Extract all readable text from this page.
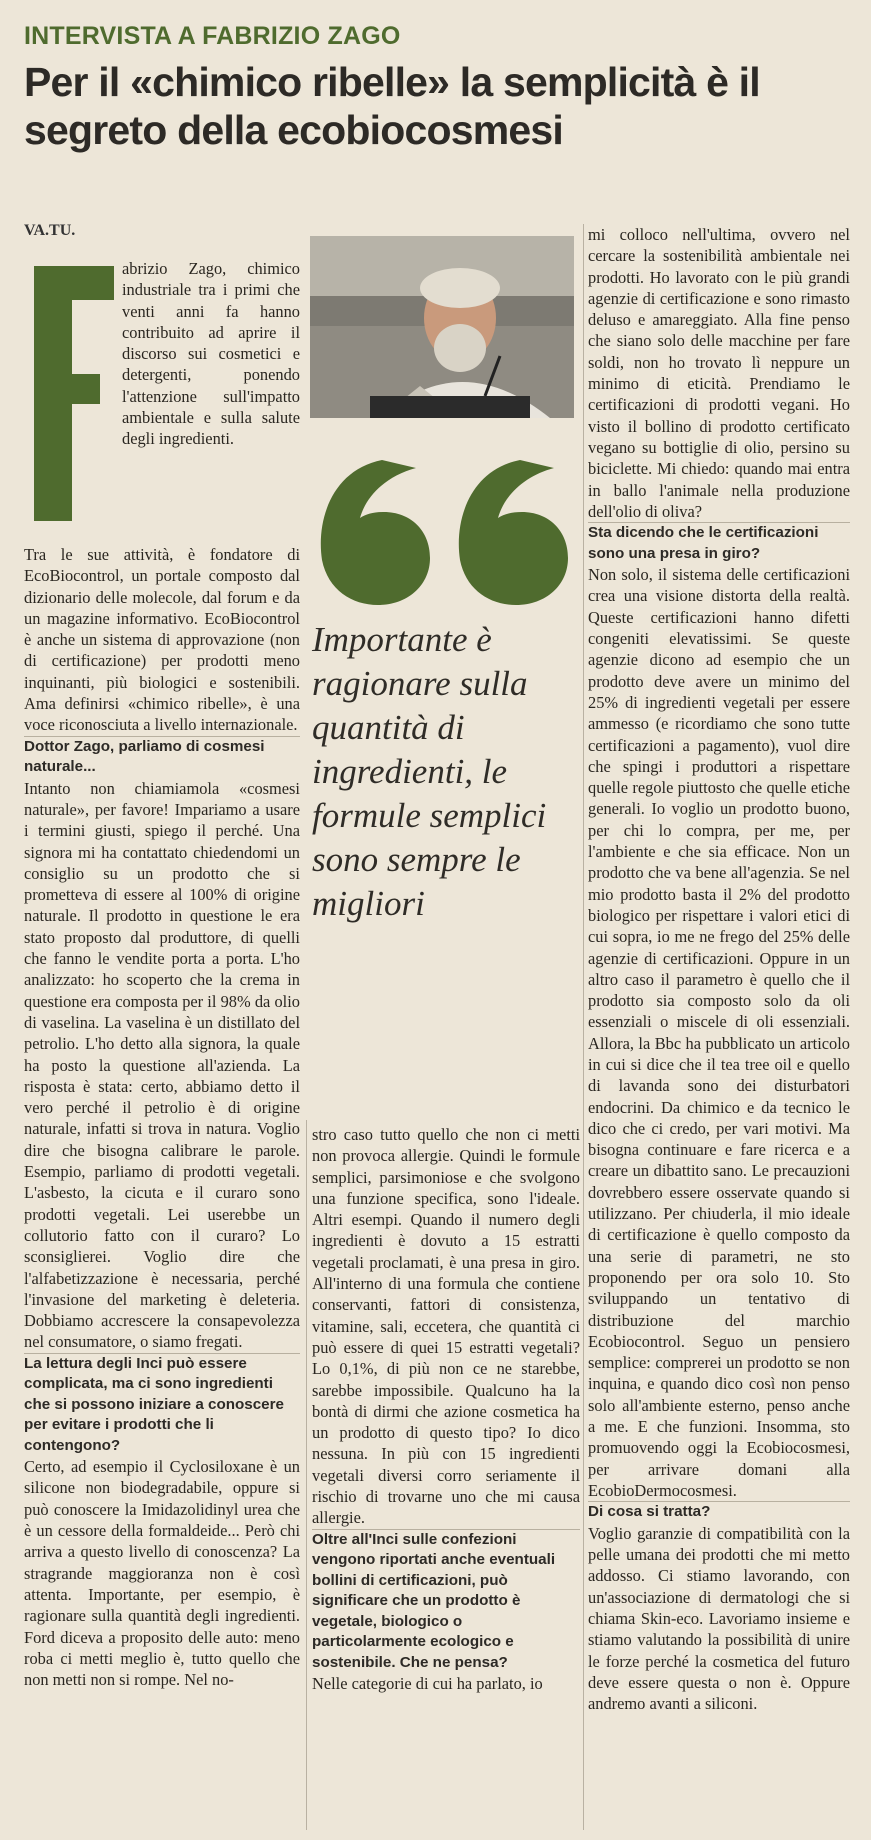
INTERVISTA A FABRIZIO ZAGO
Per il «chimico ribelle» la semplicità è il segreto della ecobiocosmesi
VA.TU.
abrizio Zago, chimico industriale tra i primi che venti anni fa hanno contribuito ad aprire il discorso sui cosmetici e detergenti, ponendo l'attenzione sull'impatto ambientale e sulla salute degli ingredienti.

Tra le sue attività, è fondatore di EcoBiocontrol, un portale composto dal dizionario delle molecole, dal forum e da un magazine informativo. EcoBiocontrol è anche un sistema di approvazione (non di certificazione) per prodotti meno inquinanti, più biologici e sostenibili. Ama definirsi «chimico ribelle», è una voce riconosciuta a livello internazionale.

Dottor Zago, parliamo di cosmesi naturale...

Intanto non chiamiamola «cosmesi naturale», per favore! Impariamo a usare i termini giusti, spiego il perché. Una signora mi ha contattato chiedendomi un consiglio su un prodotto che si prometteva di essere al 100% di origine naturale. Il prodotto in questione le era stato proposto dal produttore, di quelli che fanno le vendite porta a porta. L'ho analizzato: ho scoperto che la crema in questione era composta per il 98% da olio di vaselina. La vaselina è un distillato del petrolio. L'ho detto alla signora, la quale ha posto la questione all'azienda. La risposta è stata: certo, abbiamo detto il vero perché il petrolio è di origine naturale, infatti si trova in natura. Voglio dire che bisogna calibrare le parole. Esempio, parliamo di prodotti vegetali. L'asbesto, la cicuta e il curaro sono prodotti vegetali. Lei userebbe un collutorio fatto con il curaro? Lo sconsiglierei. Voglio dire che l'alfabetizzazione è necessaria, perché l'invasione del marketing è deleteria. Dobbiamo accrescere la consapevolezza nel consumatore, o siamo fregati.

La lettura degli Inci può essere complicata, ma ci sono ingredienti che si possono iniziare a conoscere per evitare i prodotti che li contengono?

Certo, ad esempio il Cyclosiloxane è un silicone non biodegradabile, oppure si può conoscere la Imidazolidinyl urea che è un cessore della formaldeide... Però chi arriva a questo livello di conoscenza? La stragrande maggioranza non è così attenta. Importante, per esempio, è ragionare sulla quantità degli ingredienti. Ford diceva a proposito delle auto: meno roba ci metti meglio è, tutto quello che non metti non si rompe. Nel no-

Importante è ragionare sulla quantità di ingredienti, le formule semplici sono sempre le migliori

stro caso tutto quello che non ci metti non provoca allergie. Quindi le formule semplici, parsimoniose e che svolgono una funzione specifica, sono l'ideale. Altri esempi. Quando il numero degli ingredienti è dovuto a 15 estratti vegetali proclamati, è una presa in giro. All'interno di una formula che contiene conservanti, fattori di consistenza, vitamine, sali, eccetera, che quantità ci può essere di quei 15 estratti vegetali? Lo 0,1%, di più non ce ne starebbe, sarebbe impossibile. Qualcuno ha la bontà di dirmi che azione cosmetica ha un prodotto di questo tipo? Io dico nessuna. In più con 15 ingredienti vegetali diversi corro seriamente il rischio di trovarne uno che mi causa allergie.

Oltre all'Inci sulle confezioni vengono riportati anche eventuali bollini di certificazioni, può significare che un prodotto è vegetale, biologico o particolarmente ecologico e sostenibile. Che ne pensa?

Nelle categorie di cui ha parlato, io

mi colloco nell'ultima, ovvero nel cercare la sostenibilità ambientale nei prodotti. Ho lavorato con le più grandi agenzie di certificazione e sono rimasto deluso e amareggiato. Alla fine penso che siano solo delle macchine per fare soldi, non ho trovato lì neppure un minimo di eticità. Prendiamo le certificazioni di prodotti vegani. Ho visto il bollino di prodotto certificato vegano su bottiglie di olio, persino su biciclette. Mi chiedo: quando mai entra in ballo l'animale nella produzione dell'olio di oliva?

Sta dicendo che le certificazioni sono una presa in giro?

Non solo, il sistema delle certificazioni crea una visione distorta della realtà. Queste certificazioni hanno difetti congeniti elevatissimi. Se queste agenzie dicono ad esempio che un prodotto deve avere un minimo del 25% di ingredienti vegetali per essere ammesso (e ricordiamo che sono tutte certificazioni a pagamento), vuol dire che spingi i produttori a rispettare quelle regole piuttosto che quelle etiche generali. Io voglio un prodotto buono, per chi lo compra, per me, per l'ambiente e che sia efficace. Non un prodotto che va bene all'agenzia. Se nel mio prodotto basta il 2% del prodotto biologico per rispettare i valori etici di cui sopra, io me ne frego del 25% delle agenzie di certificazioni. Oppure in un altro caso il parametro è quello che il prodotto sia composto solo da oli essenziali o miscele di oli essenziali. Allora, la Bbc ha pubblicato un articolo in cui si dice che il tea tree oil e quello di lavanda sono dei disturbatori endocrini. Da chimico e da tecnico le dico che ci credo, per vari motivi. Ma bisogna continuare e fare ricerca e a creare un dibattito sano. Le precauzioni dovrebbero essere osservate quando si utilizzano. Per chiuderla, il mio ideale di certificazione è quello composto da una serie di parametri, ne sto proponendo per ora solo 10. Sto sviluppando un tentativo di distribuzione del marchio Ecobiocontrol. Seguo un pensiero semplice: comprerei un prodotto se non inquina, e quando dico così non penso solo all'ambiente esterno, penso anche a me. E che funzioni. Insomma, sto promuovendo oggi la Ecobiocosmesi, per arrivare domani alla EcobioDermocosmesi.

Di cosa si tratta?

Voglio garanzie di compatibilità con la pelle umana dei prodotti che mi metto addosso. Ci stiamo lavorando, con un'associazione di dermatologi che si chiama Skin-eco. Lavoriamo insieme e stiamo valutando la possibilità di unire le forze perché la cosmetica del futuro deve essere questa o non è. Oppure andremo avanti a siliconi.
